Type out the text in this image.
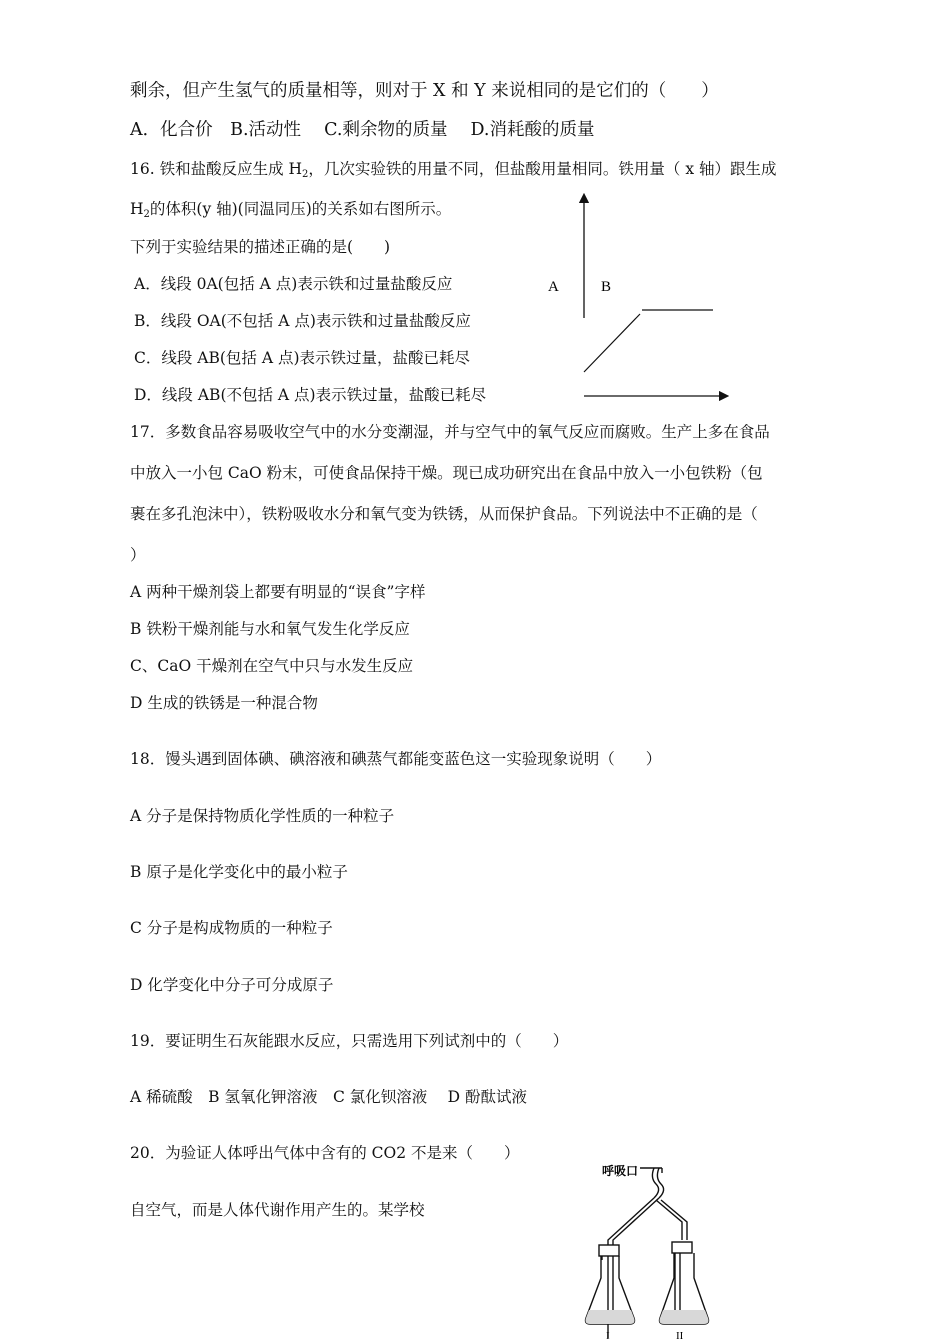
剩余，但产生氢气的质量相等，则对于 X 和 Y 来说相同的是它们的（　　）
A．化合价　B.活动性　 C.剩余物的质量　 D.消耗酸的质量
16. 铁和盐酸反应生成 $H_2$，几次实验铁的用量不同，但盐酸用量相同。铁用量（ x 轴）跟生成
$H_2$的体积(y 轴)(同温同压)的关系如右图所示。
下列于实验结果的描述正确的是(　　)
A．线段 0A(包括 A 点)表示铁和过量盐酸反应
B．线段 OA(不包括 A 点)表示铁和过量盐酸反应
C．线段 AB(包括 A 点)表示铁过量，盐酸已耗尽
D．线段 AB(不包括 A 点)表示铁过量，盐酸已耗尽
A	B
17．多数食品容易吸收空气中的水分变潮湿，并与空气中的氧气反应而腐败。生产上多在食品
中放入一小包 CaO 粉末，可使食品保持干燥。现已成功研究出在食品中放入一小包铁粉（包
裹在多孔泡沫中），铁粉吸收水分和氧气变为铁锈，从而保护食品。下列说法中不正确的是（
）
A 两种干燥剂袋上都要有明显的“误食”字样
B 铁粉干燥剂能与水和氧气发生化学反应
C、CaO 干燥剂在空气中只与水发生反应
D 生成的铁锈是一种混合物
18．馒头遇到固体碘、碘溶液和碘蒸气都能变蓝色这一实验现象说明（　　）
A 分子是保持物质化学性质的一种粒子
B 原子是化学变化中的最小粒子
C 分子是构成物质的一种粒子
D 化学变化中分子可分成原子
19．要证明生石灰能跟水反应，只需选用下列试剂中的（　　）
A 稀硫酸　B 氢氧化钾溶液　C 氯化钡溶液　 D 酚酞试液
20．为验证人体呼出气体中含有的 CO2 不是来（　　）
自空气，而是人体代谢作用产生的。某学校
呼吸口
I	II
